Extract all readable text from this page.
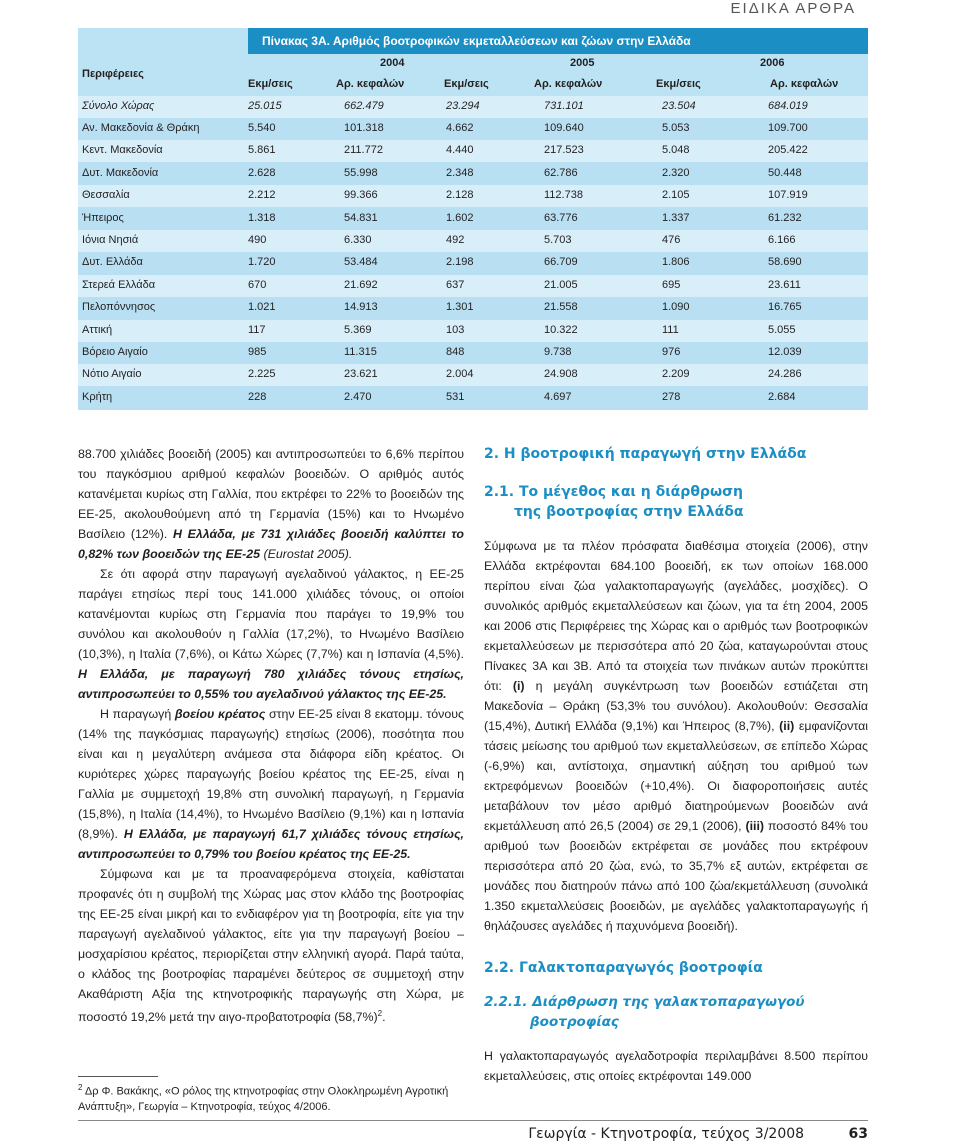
ΕΙΔΙΚΑ ΑΡΘΡΑ
Περιφέρειες
Πίνακας 3Α. Αριθμός βοοτροφικών εκμεταλλεύσεων και ζώων στην Ελλάδα
2004	2005	2006
Εκμ/σεις	Αρ. κεφαλών	Εκμ/σεις	Αρ. κεφαλών	Εκμ/σεις	Αρ. κεφαλών
Σύνολο Χώρας	25.015	662.479	23.294	731.101	23.504	684.019
Αν. Μακεδονία & Θράκη	5.540	101.318	4.662	109.640	5.053	109.700
Κεντ. Μακεδονία	5.861	211.772	4.440	217.523	5.048	205.422
Δυτ. Μακεδονία	2.628	55.998	2.348	62.786	2.320	50.448
Θεσσαλία	2.212	99.366	2.128	112.738	2.105	107.919
Ήπειρος	1.318	54.831	1.602	63.776	1.337	61.232
Ιόνια Νησιά	490	6.330	492	5.703	476	6.166
Δυτ. Ελλάδα	1.720	53.484	2.198	66.709	1.806	58.690
Στερεά Ελλάδα	670	21.692	637	21.005	695	23.611
Πελοπόννησος	1.021	14.913	1.301	21.558	1.090	16.765
Αττική	117	5.369	103	10.322	111	5.055
Βόρειο Αιγαίο	985	11.315	848	9.738	976	12.039
Νότιο Αιγαίο	2.225	23.621	2.004	24.908	2.209	24.286
Κρήτη	228	2.470	531	4.697	278	2.684

88.700 χιλιάδες βοοειδή (2005) και αντιπροσωπεύει το 6,6% περίπου του παγκόσμιου αριθμού κεφαλών βοοειδών. Ο αριθμός αυτός κατανέμεται κυρίως στη Γαλλία, που εκτρέφει το 22% το βοοειδών της ΕΕ-25, ακολουθούμενη από τη Γερμανία (15%) και το Ηνωμένο Βασίλειο (12%). Η Ελλάδα, με 731 χιλιάδες βοοειδή καλύπτει το 0,82% των βοοειδών της ΕΕ-25 (Eurostat 2005).

Σε ότι αφορά στην παραγωγή αγελαδινού γάλακτος, η ΕΕ-25 παράγει ετησίως περί τους 141.000 χιλιάδες τόνους, οι οποίοι κατανέμονται κυρίως στη Γερμανία που παράγει το 19,9% του συνόλου και ακολουθούν η Γαλλία (17,2%), το Ηνωμένο Βασίλειο (10,3%), η Ιταλία (7,6%), οι Κάτω Χώρες (7,7%) και η Ισπανία (4,5%). Η Ελλάδα, με παραγωγή 780 χιλιάδες τόνους ετησίως, αντιπροσωπεύει το 0,55% του αγελαδινού γάλακτος της ΕΕ-25.

Η παραγωγή βοείου κρέατος στην ΕΕ-25 είναι 8 εκατομμ. τόνους (14% της παγκόσμιας παραγωγής) ετησίως (2006), ποσότητα που είναι και η μεγαλύτερη ανάμεσα στα διάφορα είδη κρέατος. Οι κυριότερες χώρες παραγωγής βοείου κρέατος της ΕΕ-25, είναι η Γαλλία με συμμετοχή 19,8% στη συνολική παραγωγή, η Γερμανία (15,8%), η Ιταλία (14,4%), το Ηνωμένο Βασίλειο (9,1%) και η Ισπανία (8,9%). Η Ελλάδα, με παραγωγή 61,7 χιλιάδες τόνους ετησίως, αντιπροσωπεύει το 0,79% του βοείου κρέατος της ΕΕ-25.

Σύμφωνα και με τα προαναφερόμενα στοιχεία, καθίσταται προφανές ότι η συμβολή της Χώρας μας στον κλάδο της βοοτροφίας της ΕΕ-25 είναι μικρή και το ενδιαφέρον για τη βοοτροφία, είτε για την παραγωγή αγελαδινού γάλακτος, είτε για την παραγωγή βοείου – μοσχαρίσιου κρέατος, περιορίζεται στην ελληνική αγορά. Παρά ταύτα, ο κλάδος της βοοτροφίας παραμένει δεύτερος σε συμμετοχή στην Ακαθάριστη Αξία της κτηνοτροφικής παραγωγής στη Χώρα, με ποσοστό 19,2% μετά την αιγο-προβατοτροφία $(58,7\%)^2$.

$^2$ Δρ Φ. Βακάκης, «Ο ρόλος της κτηνοτροφίας στην Ολοκληρωμένη Αγροτική Ανάπτυξη», Γεωργία – Κτηνοτροφία, τεύχος 4/2006.
2. Η βοοτροφική παραγωγή στην Ελλάδα
2.1. Το μέγεθος και η διάρθρωση
της βοοτροφίας στην Ελλάδα

Σύμφωνα με τα πλέον πρόσφατα διαθέσιμα στοιχεία (2006), στην Ελλάδα εκτρέφονται 684.100 βοοειδή, εκ των οποίων 168.000 περίπου είναι ζώα γαλακτοπαραγωγής (αγελάδες, μοσχίδες). Ο συνολικός αριθμός εκμεταλλεύσεων και ζώων, για τα έτη 2004, 2005 και 2006 στις Περιφέρειες της Χώρας και ο αριθμός των βοοτροφικών εκμεταλλεύσεων με περισσότερα από 20 ζώα, καταγωρούνται στους Πίνακες 3Α και 3Β. Από τα στοιχεία των πινάκων αυτών προκύπτει ότι: (i) η μεγάλη συγκέντρωση των βοοειδών εστιάζεται στη Μακεδονία – Θράκη (53,3% του συνόλου). Ακολουθούν: Θεσσαλία (15,4%), Δυτική Ελλάδα (9,1%) και Ήπειρος (8,7%), (ii) εμφανίζονται τάσεις μείωσης του αριθμού των εκμεταλλεύσεων, σε επίπεδο Χώρας (-6,9%) και, αντίστοιχα, σημαντική αύξηση του αριθμού των εκτρεφόμενων βοοειδών (+10,4%). Οι διαφοροποιήσεις αυτές μεταβάλουν τον μέσο αριθμό διατηρούμενων βοοειδών ανά εκμετάλλευση από 26,5 (2004) σε 29,1 (2006), (iii) ποσοστό 84% του αριθμού των βοοειδών εκτρέφεται σε μονάδες που εκτρέφουν περισσότερα από 20 ζώα, ενώ, το 35,7% εξ αυτών, εκτρέφεται σε μονάδες που διατηρούν πάνω από 100 ζώα/εκμετάλλευση (συνολικά 1.350 εκμεταλλεύσεις βοοειδών, με αγελάδες γαλακτοπαραγωγής ή θηλάζουσες αγελάδες ή παχυνόμενα βοοειδή).

2.2. Γαλακτοπαραγωγός βοοτροφία
2.2.1. Διάρθρωση της γαλακτοπαραγωγού
βοοτροφίας

Η γαλακτοπαραγωγός αγελαδοτροφία περιλαμβάνει 8.500 περίπου εκμεταλλεύσεις, στις οποίες εκτρέφονται 149.000

Γεωργία - Κτηνοτροφία, τεύχος 3/2008	63
